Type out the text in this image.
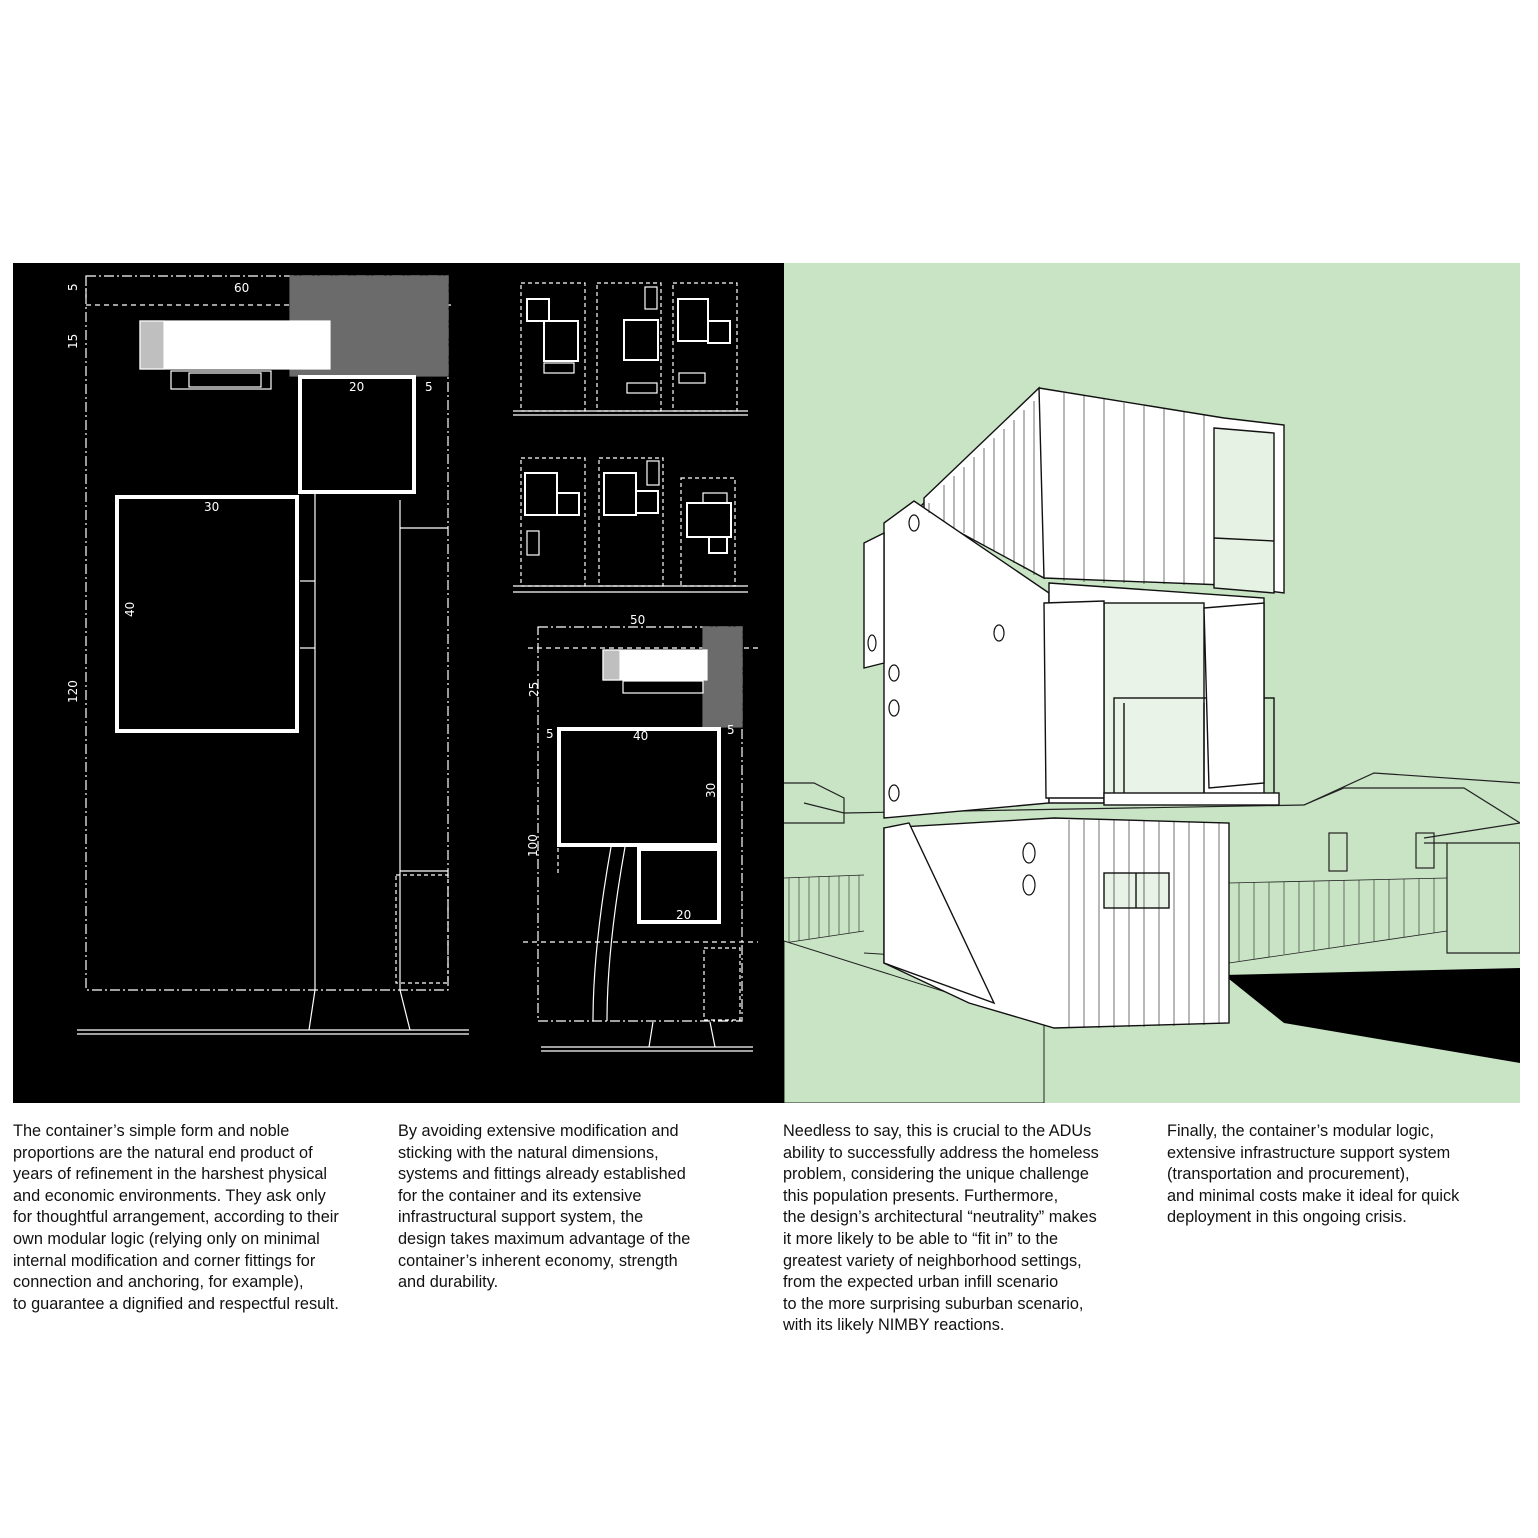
60
5
15
20	5
30
40
120
50
25
40
5	5
30
100
20

The container’s simple form and noble
proportions are the natural end product of
years of refinement in the harshest physical
and economic environments. They ask only
for thoughtful arrangement, according to their
own modular logic (relying only on minimal
internal modification and corner fittings for
connection and anchoring, for example),
to guarantee a dignified and respectful result.

By avoiding extensive modification and
sticking with the natural dimensions,
systems and fittings already established
for the container and its extensive
infrastructural support system, the
design takes maximum advantage of the
container’s inherent economy, strength
and durability.

Needless to say, this is crucial to the ADUs
ability to successfully address the homeless
problem, considering the unique challenge
this population presents. Furthermore,
the design’s architectural “neutrality” makes
it more likely to be able to “fit in” to the
greatest variety of neighborhood settings,
from the expected urban infill scenario
to the more surprising suburban scenario,
with its likely NIMBY reactions.

Finally, the container’s modular logic,
extensive infrastructure support system
(transportation and procurement),
and minimal costs make it ideal for quick
deployment in this ongoing crisis.
